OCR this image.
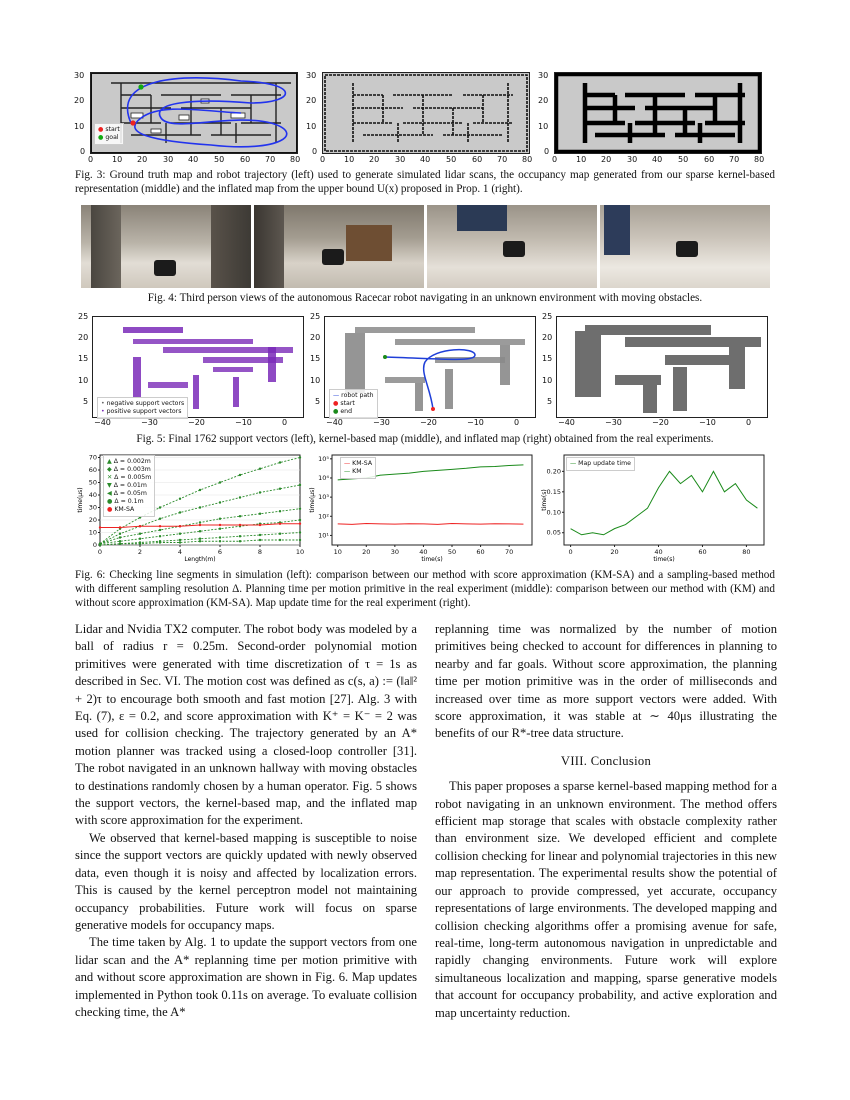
● start
● goal
30
20
10
0
0 10 20 30 40 50 60 70 80
30
20
10
0
0 10 20 30 40 50 60 70 80
30
20
10
0
0 10 20 30 40 50 60 70 80
Fig. 3: Ground truth map and robot trajectory (left) used to generate simulated lidar scans, the occupancy map generated from our sparse kernel-based representation (middle) and the inflated map from the upper bound U(x) proposed in Prop. 1 (right).
Fig. 4: Third person views of the autonomous Racecar robot navigating in an unknown environment with moving obstacles.
• negative support vectors
• positive support vectors
25
20
15
10
5
−40	−30	−20	−10	0
— robot path
● start
● end
25
20
15
10
5
−40	−30	−20	−10	0
25
20
15
10
5
−40	−30	−20	−10	0
Fig. 5: Final 1762 support vectors (left), kernel-based map (middle), and inflated map (right) obtained from the real experiments.
0	2	4	6	8	10
70
60
50
40
30
20
10
0
Length(m)
time(μs)
▲ Δ = 0.002m
◆ Δ = 0.003m
✕ Δ = 0.005m
▼ Δ = 0.01m
◀ Δ = 0.05m
● Δ = 0.1m
● KM-SA
10	20	30	40	50	60	70
10⁵
10⁴
10³
10²
10¹
time(s)
time(μs)
— KM-SA
— KM
0	20	40	60	80
0.20
0.15
0.10
0.05
time(s)
time(s)
— Map update time
Fig. 6: Checking line segments in simulation (left): comparison between our method with score approximation (KM-SA) and a sampling-based method with different sampling resolution Δ. Planning time per motion primitive in the real experiment (middle): comparison between our method with (KM) and without score approximation (KM-SA). Map update time for the real experiment (right).

Lidar and Nvidia TX2 computer. The robot body was modeled by a ball of radius r = 0.25m. Second-order polynomial motion primitives were generated with time discretization of τ = 1s as described in Sec. VI. The motion cost was defined as c(s, a) := (‖a‖² + 2)τ to encourage both smooth and fast motion [27]. Alg. 3 with Eq. (7), ε = 0.2, and score approximation with K⁺ = K⁻ = 2 was used for collision checking. The trajectory generated by an A* motion planner was tracked using a closed-loop controller [31]. The robot navigated in an unknown hallway with moving obstacles to destinations randomly chosen by a human operator. Fig. 5 shows the support vectors, the kernel-based map, and the inflated map with score approximation for the experiment.

We observed that kernel-based mapping is susceptible to noise since the support vectors are quickly updated with newly observed data, even though it is noisy and affected by localization errors. This is caused by the kernel perceptron model not maintaining occupancy probabilities. Future work will focus on sparse generative models for occupancy maps.

The time taken by Alg. 1 to update the support vectors from one lidar scan and the A* replanning time per motion primitive with and without score approximation are shown in Fig. 6. Map updates implemented in Python took 0.11s on average. To evaluate collision checking time, the A*

replanning time was normalized by the number of motion primitives being checked to account for differences in planning to nearby and far goals. Without score approximation, the planning time per motion primitive was in the order of milliseconds and increased over time as more support vectors were added. With score approximation, it was stable at ∼ 40μs illustrating the benefits of our R*-tree data structure.

VIII. Conclusion

This paper proposes a sparse kernel-based mapping method for a robot navigating in an unknown environment. The method offers efficient map storage that scales with obstacle complexity rather than environment size. We developed efficient and complete collision checking for linear and polynomial trajectories in this new map representation. The experimental results show the potential of our approach to provide compressed, yet accurate, occupancy representations of large environments. The developed mapping and collision checking algorithms offer a promising avenue for safe, real-time, long-term autonomous navigation in unpredictable and rapidly changing environments. Future work will explore simultaneous localization and mapping, sparse generative models that account for occupancy probability, and active exploration and map uncertainty reduction.
